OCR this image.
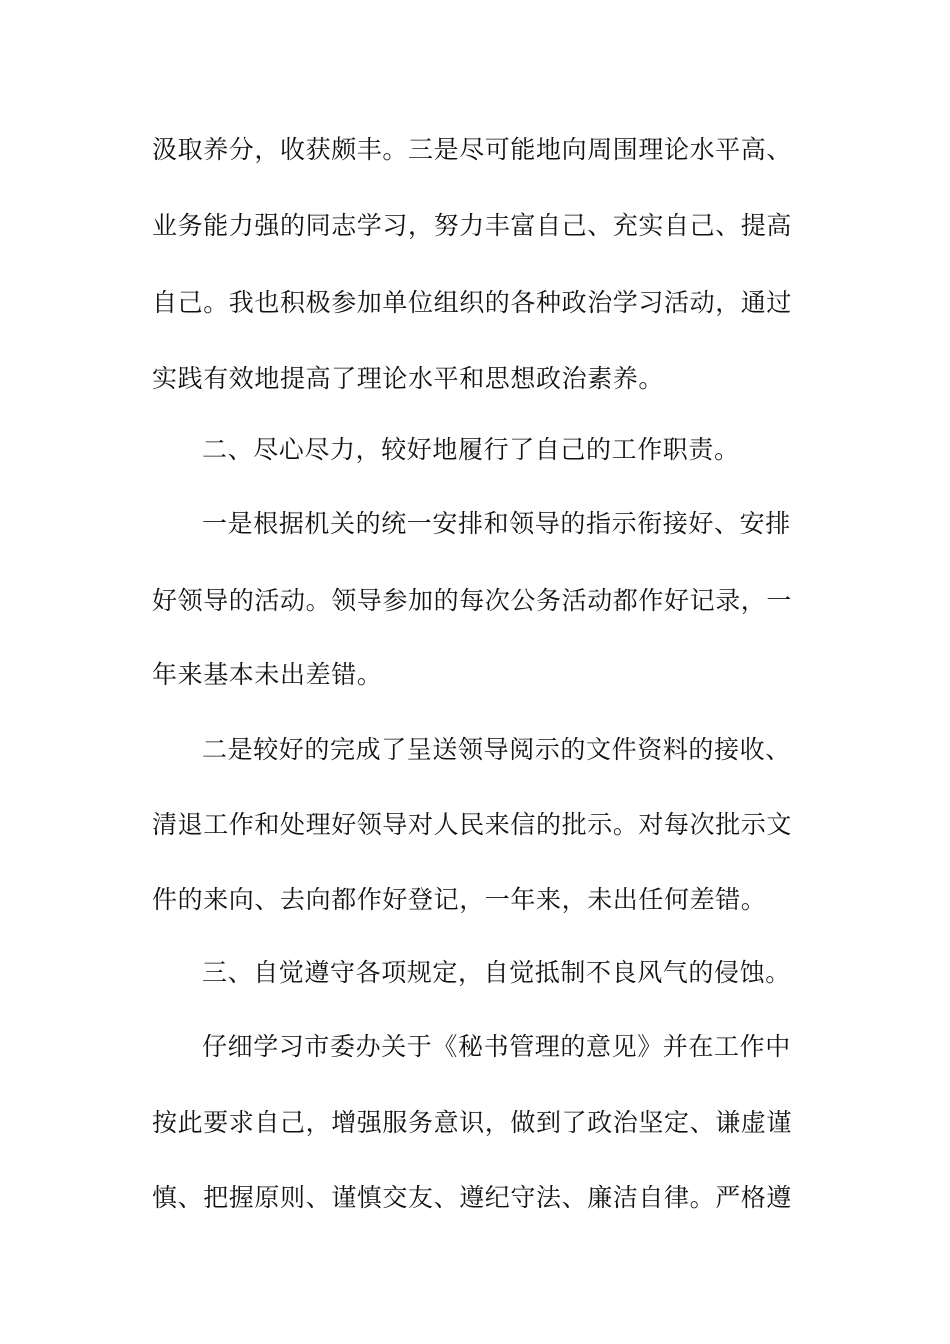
汲取养分，收获颇丰。三是尽可能地向周围理论水平高、
业务能力强的同志学习，努力丰富自己、充实自己、提高
自己。我也积极参加单位组织的各种政治学习活动，通过
实践有效地提高了理论水平和思想政治素养。
二、尽心尽力，较好地履行了自己的工作职责。
一是根据机关的统一安排和领导的指示衔接好、安排
好领导的活动。领导参加的每次公务活动都作好记录，一
年来基本未出差错。
二是较好的完成了呈送领导阅示的文件资料的接收、
清退工作和处理好领导对人民来信的批示。对每次批示文
件的来向、去向都作好登记，一年来，未出任何差错。
三、自觉遵守各项规定，自觉抵制不良风气的侵蚀。
仔细学习市委办关于《秘书管理的意见》并在工作中
按此要求自己，增强服务意识，做到了政治坚定、谦虚谨
慎、把握原则、谨慎交友、遵纪守法、廉洁自律。严格遵
